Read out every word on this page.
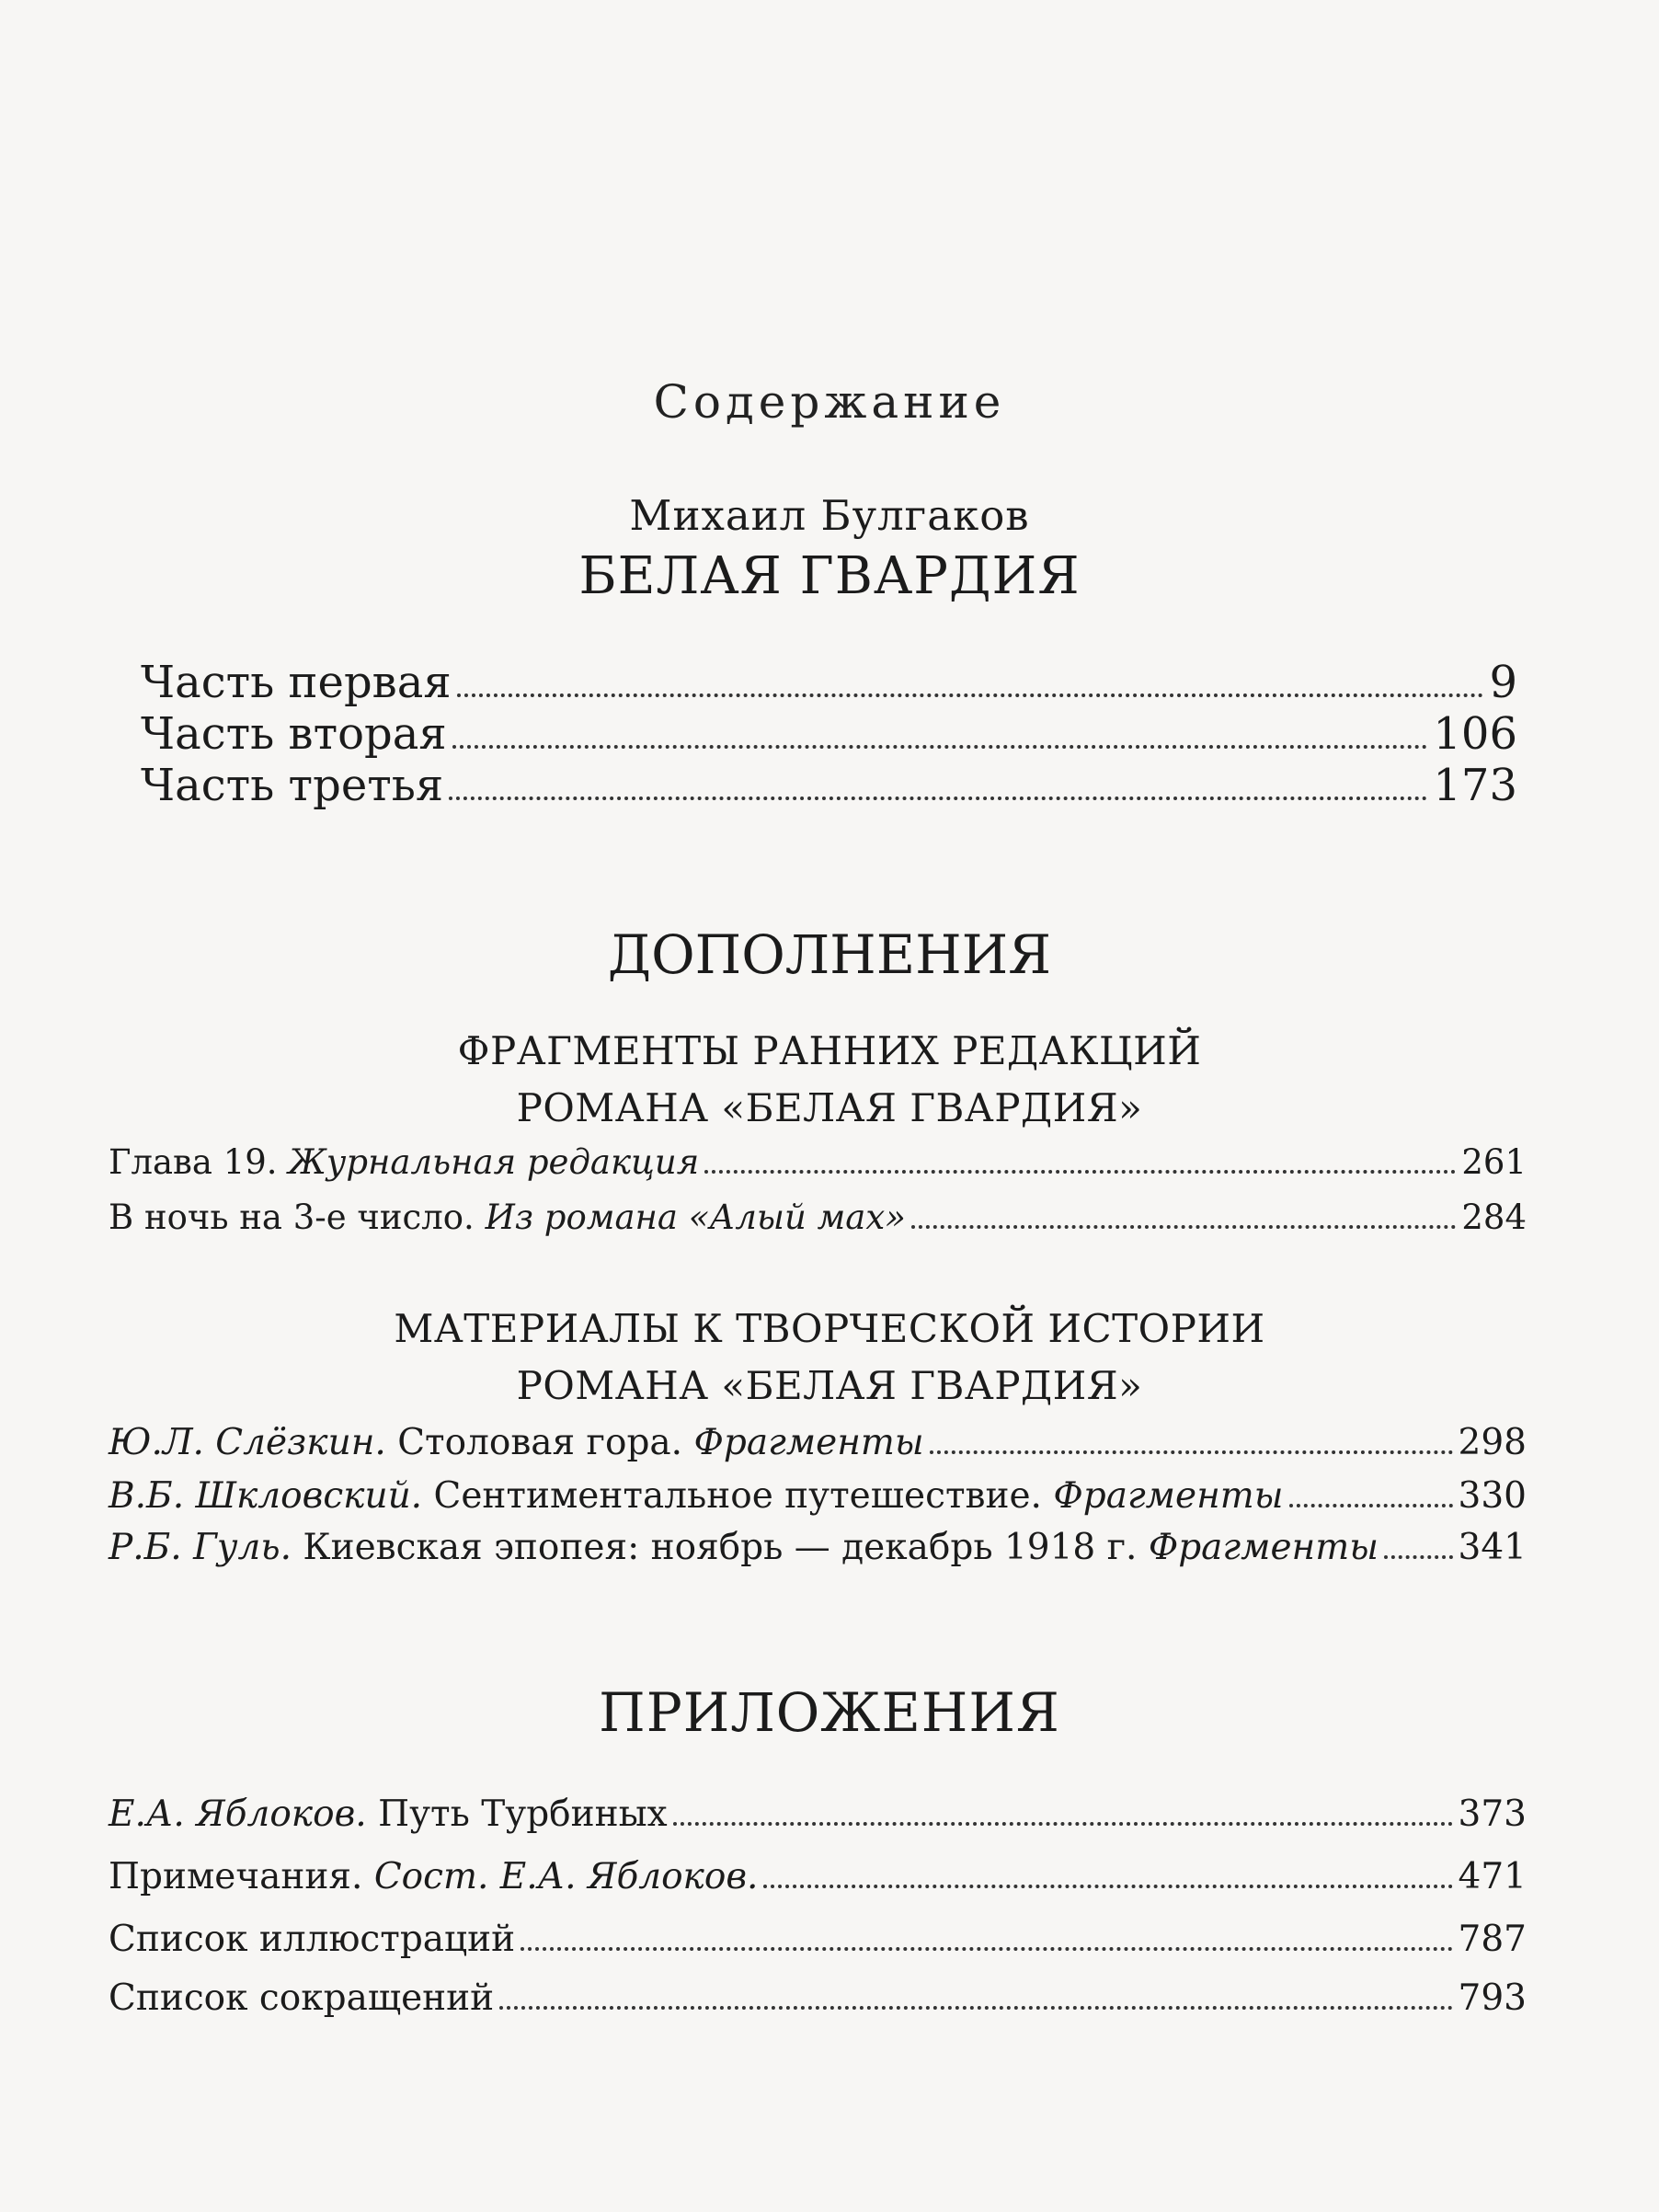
Содержание
Михаил Булгаков
БЕЛАЯ ГВАРДИЯ
Часть первая	9
Часть вторая	106
Часть третья	173
ДОПОЛНЕНИЯ
ФРАГМЕНТЫ РАННИХ РЕДАКЦИЙ
РОМАНА «БЕЛАЯ ГВАРДИЯ»
Глава 19. Журнальная редакция	261
В ночь на 3-е число. Из романа «Алый мах»	284
МАТЕРИАЛЫ К ТВОРЧЕСКОЙ ИСТОРИИ
РОМАНА «БЕЛАЯ ГВАРДИЯ»
Ю.Л. Слёзкин. Столовая гора. Фрагменты	298
В.Б. Шкловский. Сентиментальное путешествие. Фрагменты	330
Р.Б. Гуль. Киевская эпопея: ноябрь — декабрь 1918 г. Фрагменты 341
ПРИЛОЖЕНИЯ
Е.А. Яблоков. Путь Турбиных	373
Примечания. Сост. Е.А. Яблоков.	471
Список иллюстраций	787
Список сокращений	793
